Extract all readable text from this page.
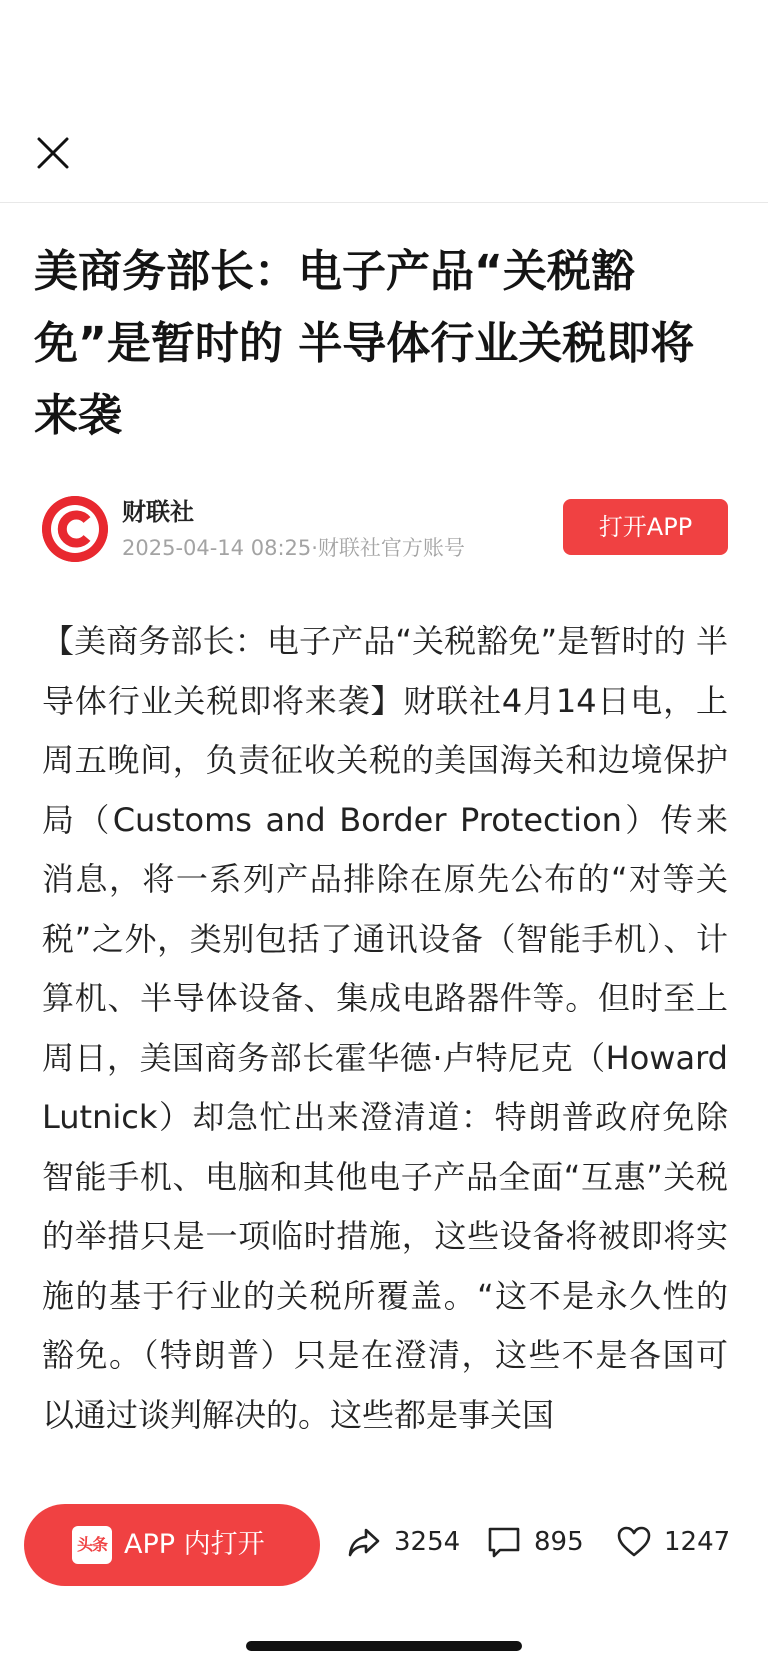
美商务部长：电子产品“关税豁免”是暂时的 半导体行业关税即将来袭
财联社
2025-04-14 08:25·财联社官方账号
打开APP

【美商务部长：电子产品“关税豁免”是暂时的 半导体行业关税即将来袭】财联社4月14日电，上周五晚间，负责征收关税的美国海关和边境保护局（Customs and Border Protection）传来消息，将一系列产品排除在原先公布的“对等关税”之外，类别包括了通讯设备（智能手机）、计算机、半导体设备、集成电路器件等。但时至上周日，美国商务部长霍华德·卢特尼克（Howard Lutnick）却急忙出来澄清道：特朗普政府免除智能手机、电脑和其他电子产品全面“互惠”关税的举措只是一项临时措施，这些设备将被即将实施的基于行业的关税所覆盖。“这不是永久性的豁免。（特朗普）只是在澄清，这些不是各国可以通过谈判解决的。这些都是事关国

头条 APP 内打开	3254	895	1247
